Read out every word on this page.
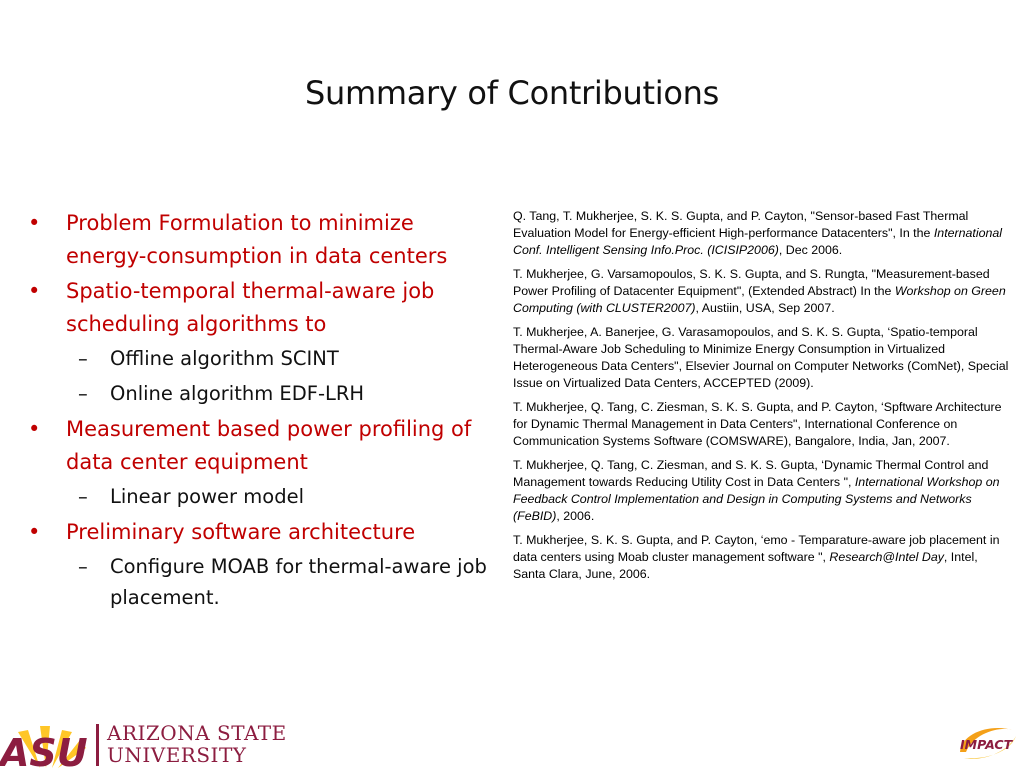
Summary of Contributions
• Problem Formulation to minimize energy-consumption in data centers
• Spatio-temporal thermal-aware job scheduling algorithms to
– Offline algorithm SCINT
– Online algorithm EDF-LRH
• Measurement based power profiling of data center equipment
– Linear power model
• Preliminary software architecture
– Configure MOAB for thermal-aware job placement.
Q. Tang, T. Mukherjee, S. K. S. Gupta, and P. Cayton, "Sensor-based Fast Thermal Evaluation Model for Energy-efficient High-performance Datacenters", In the International Conf. Intelligent Sensing Info.Proc. (ICISIP2006), Dec 2006.
T. Mukherjee, G. Varsamopoulos, S. K. S. Gupta, and S. Rungta, "Measurement-based Power Profiling of Datacenter Equipment", (Extended Abstract) In the Workshop on Green Computing (with CLUSTER2007), Austiin, USA, Sep 2007.
T. Mukherjee, A. Banerjee, G. Varasamopoulos, and S. K. S. Gupta, ‘Spatio-temporal Thermal-Aware Job Scheduling to Minimize Energy Consumption in Virtualized Heterogeneous Data Centers", Elsevier Journal on Computer Networks (ComNet), Special Issue on Virtualized Data Centers, ACCEPTED (2009).
T. Mukherjee, Q. Tang, C. Ziesman, S. K. S. Gupta, and P. Cayton, ‘Spftware Architecture for Dynamic Thermal Management in Data Centers", International Conference on Communication Systems Software (COMSWARE), Bangalore, India, Jan, 2007.
T. Mukherjee, Q. Tang, C. Ziesman, and S. K. S. Gupta, ‘Dynamic Thermal Control and Management towards Reducing Utility Cost in Data Centers ", International Workshop on Feedback Control Implementation and Design in Computing Systems and Networks (FeBID), 2006.
T. Mukherjee, S. K. S. Gupta, and P. Cayton, ‘emo - Temparature-aware job placement in data centers using Moab cluster management software ", Research@Intel Day, Intel, Santa Clara, June, 2006.
ASU ARIZONA STATE
UNIVERSITY	IMPACT
